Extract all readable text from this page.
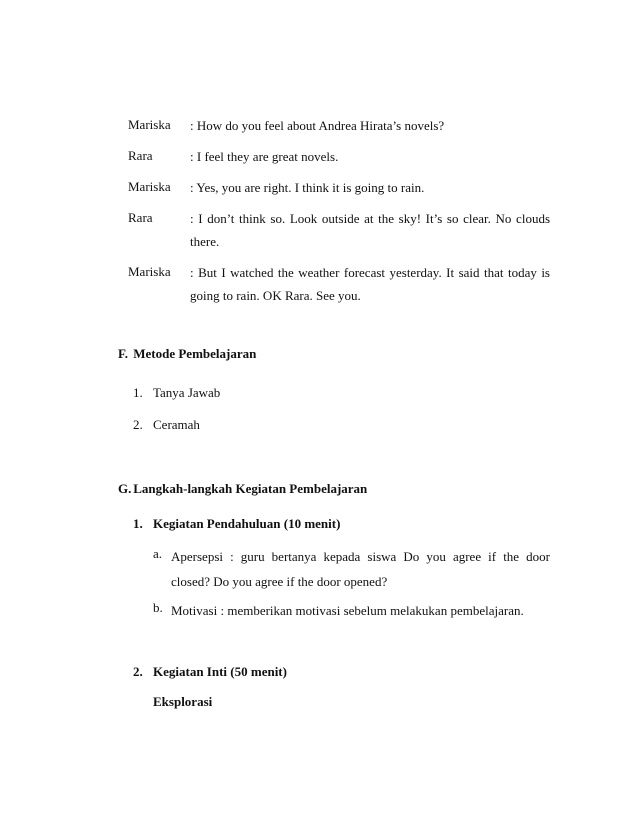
Mariska	: How do you feel about Andrea Hirata’s novels?
Rara	: I feel they are great novels.
Mariska	: Yes, you are right. I think it is going to rain.
Rara	: I don’t think so. Look outside at the sky! It’s so clear. No clouds there.
Mariska	: But I watched the weather forecast yesterday. It said that today is going to rain. OK Rara. See you.
F. Metode Pembelajaran
1. Tanya Jawab
2. Ceramah
G. Langkah-langkah Kegiatan Pembelajaran
1. Kegiatan Pendahuluan (10 menit)
a. Apersepsi : guru bertanya kepada siswa Do you agree if the door closed? Do you agree if the door opened?
b. Motivasi : memberikan motivasi sebelum melakukan pembelajaran.
2. Kegiatan Inti (50 menit)
Eksplorasi
